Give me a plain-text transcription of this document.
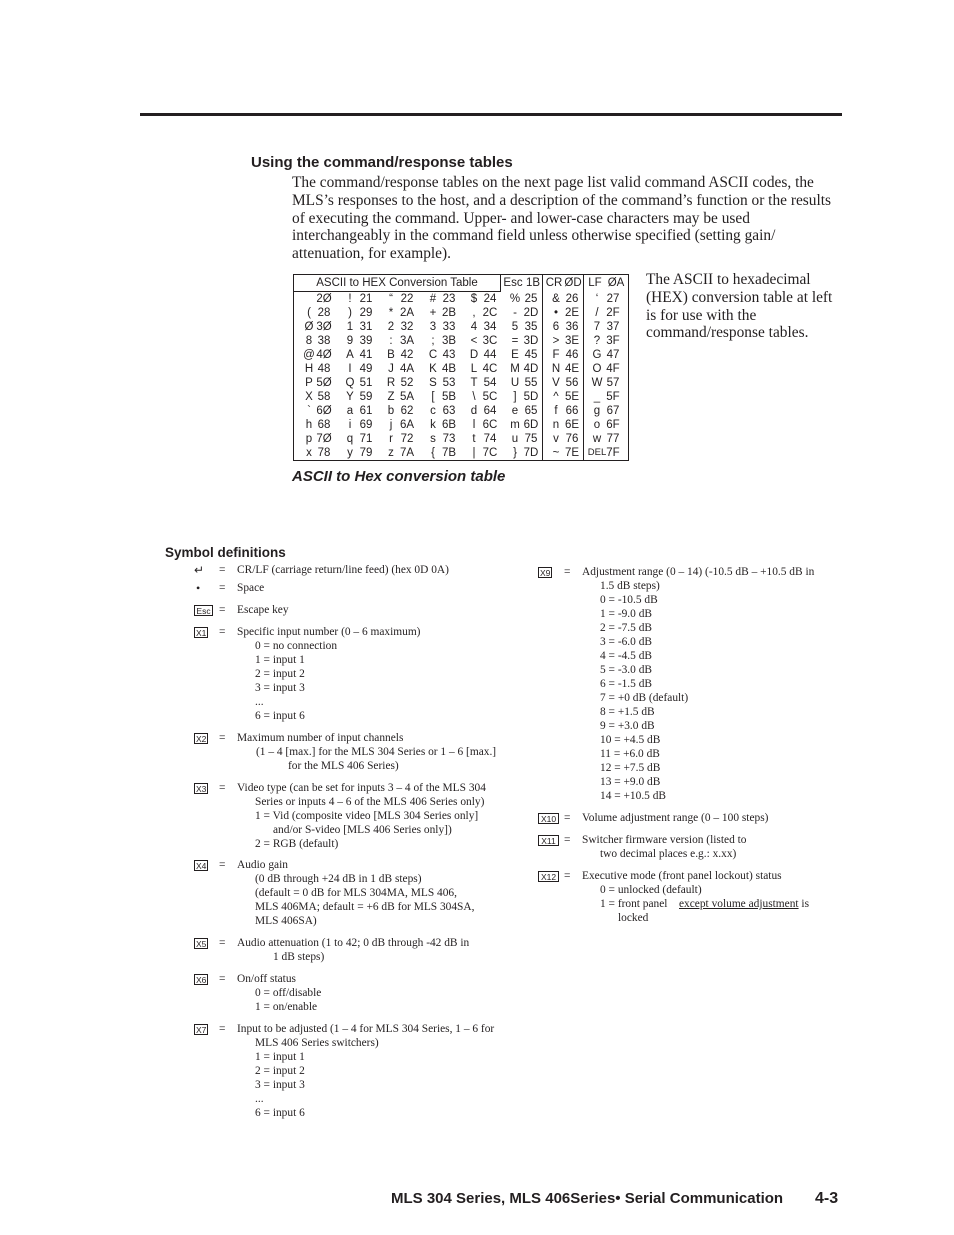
Using the command/response tables
The command/response tables on the next page list valid command ASCII codes, the MLS’s responses to the host, and a description of the command’s function or the results of executing the command. Upper- and lower-case characters may be used interchangeably in the command field unless otherwise specified (setting gain/ attenuation, for example).
ASCII to HEX Conversion Table	Esc 1B CR ØD LF ØA
2Ø
( 28
Ø 3Ø
8 38
@ 4Ø
H 48
P 5Ø
X 58
` 6Ø
h 68
p 7Ø
x 78
! 21
) 29
1 31
9 39
A 41
I 49
Q 51
Y 59
a 61
i 69
q 71
y 79
“ 22
* 2A
2 32
: 3A
B 42
J 4A
R 52
Z 5A
b 62
j 6A
r 72
z 7A
# 23
+ 2B
3 33
; 3B
C 43
K 4B
S 53
[ 5B
c 63
k 6B
s 73
{ 7B
$ 24
, 2C
4 34
< 3C
D 44
L 4C
T 54
\ 5C
d 64
l 6C
t 74
| 7C
% 25
- 2D
5 35
= 3D
E 45
M 4D
U 55
] 5D
e 65
m 6D
u 75
} 7D
& 26
• 2E
6 36
> 3E
F 46
N 4E
V 56
^ 5E
f 66
n 6E
v 76
~ 7E
‘ 27
/ 2F
7 37
? 3F
G 47
O 4F
W 57
_ 5F
g 67
o 6F
w 77
DEL 7F
The ASCII to hexadecimal (HEX) conversion table at left is for use with the command/response tables.
ASCII to Hex conversion table
Symbol definitions
↵ = CR/LF (carriage return/line feed) (hex 0D 0A)
• = Space
Esc = Escape key
X1 = Specific input number (0 – 6 maximum)
0 = no connection
1 = input 1
2 = input 2
3 = input 3
...
6 = input 6
X2 = Maximum number of input channels
(1 – 4 [max.] for the MLS 304 Series or 1 – 6 [max.]
for the MLS 406 Series)
X3 = Video type (can be set for inputs 3 – 4 of the MLS 304
Series or inputs 4 – 6 of the MLS 406 Series only)
1 = Vid (composite video [MLS 304 Series only]
and/or S-video [MLS 406 Series only])
2 = RGB (default)
X4 = Audio gain
(0 dB through +24 dB in 1 dB steps)
(default = 0 dB for MLS 304MA, MLS 406,
MLS 406MA; default = +6 dB for MLS 304SA,
MLS 406SA)
X5 = Audio attenuation (1 to 42; 0 dB through -42 dB in
1 dB steps)
X6 = On/off status
0 = off/disable
1 = on/enable
X7 = Input to be adjusted (1 – 4 for MLS 304 Series, 1 – 6 for
MLS 406 Series switchers)
1 = input 1
2 = input 2
3 = input 3
...
6 = input 6
X9 = Adjustment range (0 – 14) (-10.5 dB – +10.5 dB in
1.5 dB steps)
0 = -10.5 dB
1 = -9.0 dB
2 = -7.5 dB
3 = -6.0 dB
4 = -4.5 dB
5 = -3.0 dB
6 = -1.5 dB
7 = +0 dB (default)
8 = +1.5 dB
9 = +3.0 dB
10 = +4.5 dB
11 = +6.0 dB
12 = +7.5 dB
13 = +9.0 dB
14 = +10.5 dB
X10 = Volume adjustment range (0 – 100 steps)
X11 = Switcher firmware version (listed to
two decimal places e.g.: x.xx)
X12 = Executive mode (front panel lockout) status
0 = unlocked (default)
1 = front panel except volume adjustment is
locked
MLS 304 Series, MLS 406Series• Serial Communication 4-3
